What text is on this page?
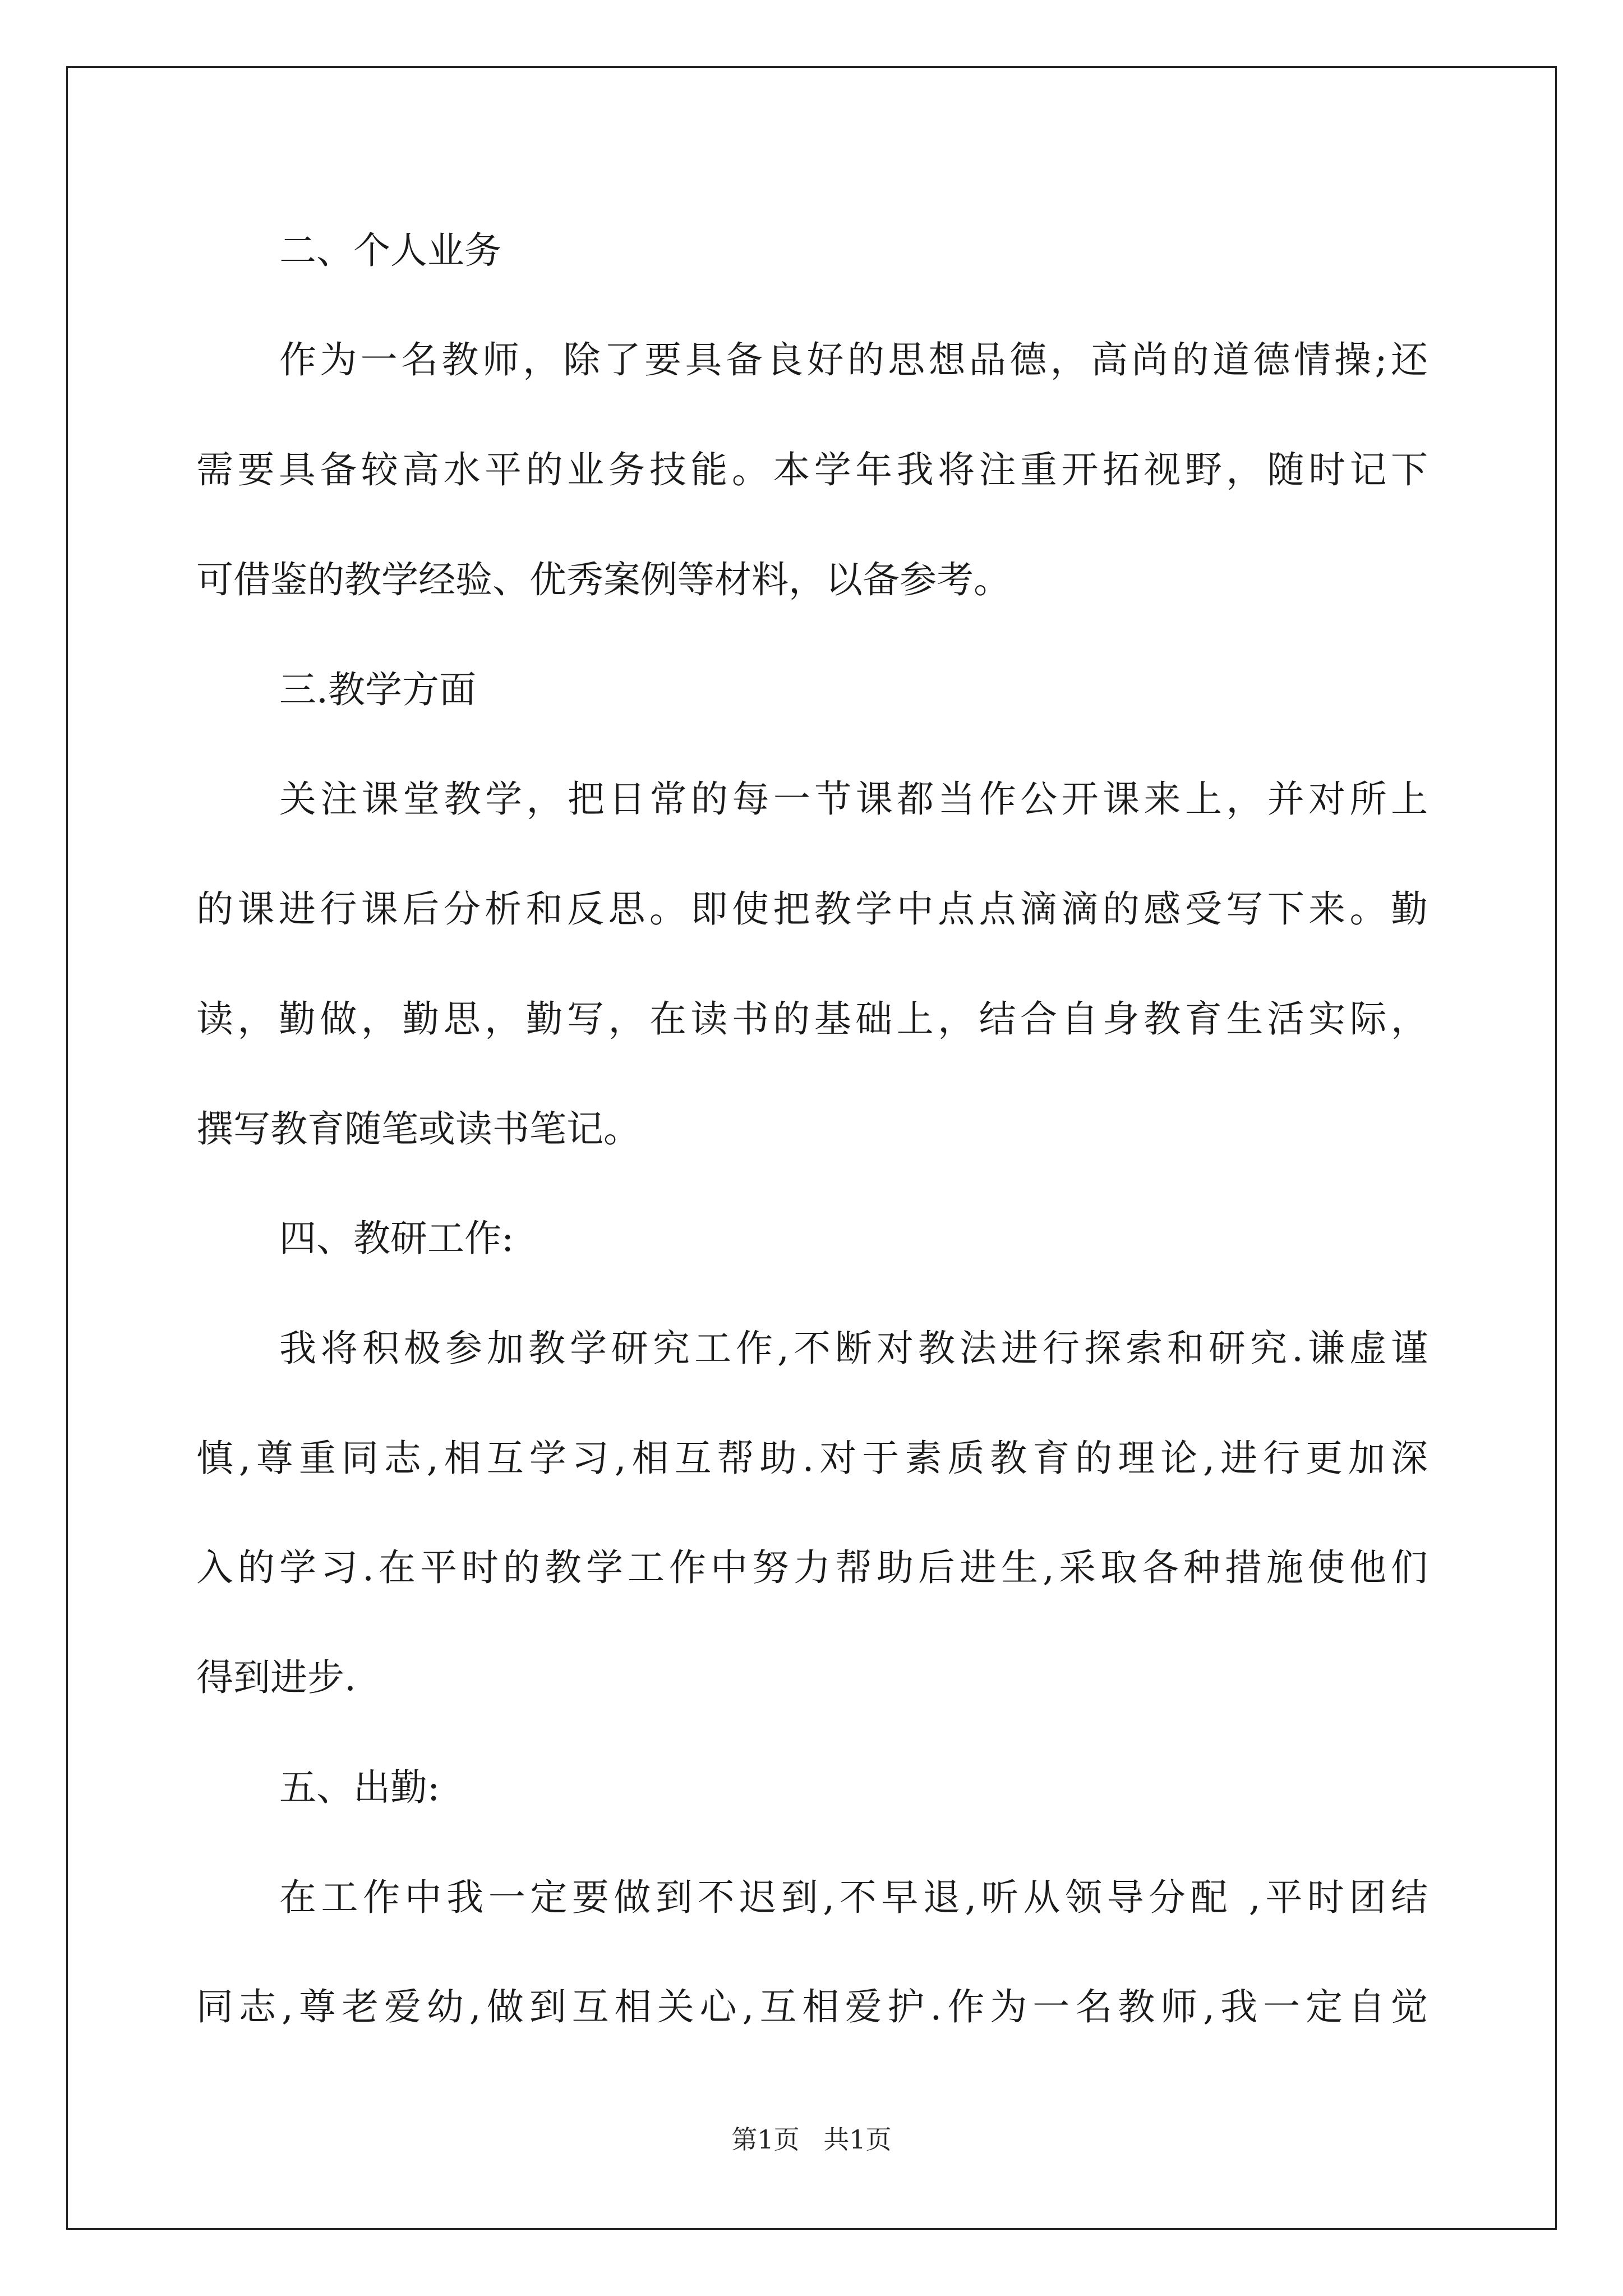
二、个人业务
作为一名教师，除了要具备良好的思想品德，高尚的道德情操;还
需要具备较高水平的业务技能。本学年我将注重开拓视野，随时记下
可借鉴的教学经验、优秀案例等材料，以备参考。
三.教学方面
关注课堂教学，把日常的每一节课都当作公开课来上，并对所上
的课进行课后分析和反思。即使把教学中点点滴滴的感受写下来。勤
读，勤做，勤思，勤写，在读书的基础上，结合自身教育生活实际，
撰写教育随笔或读书笔记。
四、教研工作:
我将积极参加教学研究工作,不断对教法进行探索和研究.谦虚谨
慎,尊重同志,相互学习,相互帮助.对于素质教育的理论,进行更加深
入的学习.在平时的教学工作中努力帮助后进生,采取各种措施使他们
得到进步.
五、出勤:
在工作中我一定要做到不迟到,不早退,听从领导分配 ,平时团结
同志,尊老爱幼,做到互相关心,互相爱护.作为一名教师,我一定自觉
第1页 共1页
